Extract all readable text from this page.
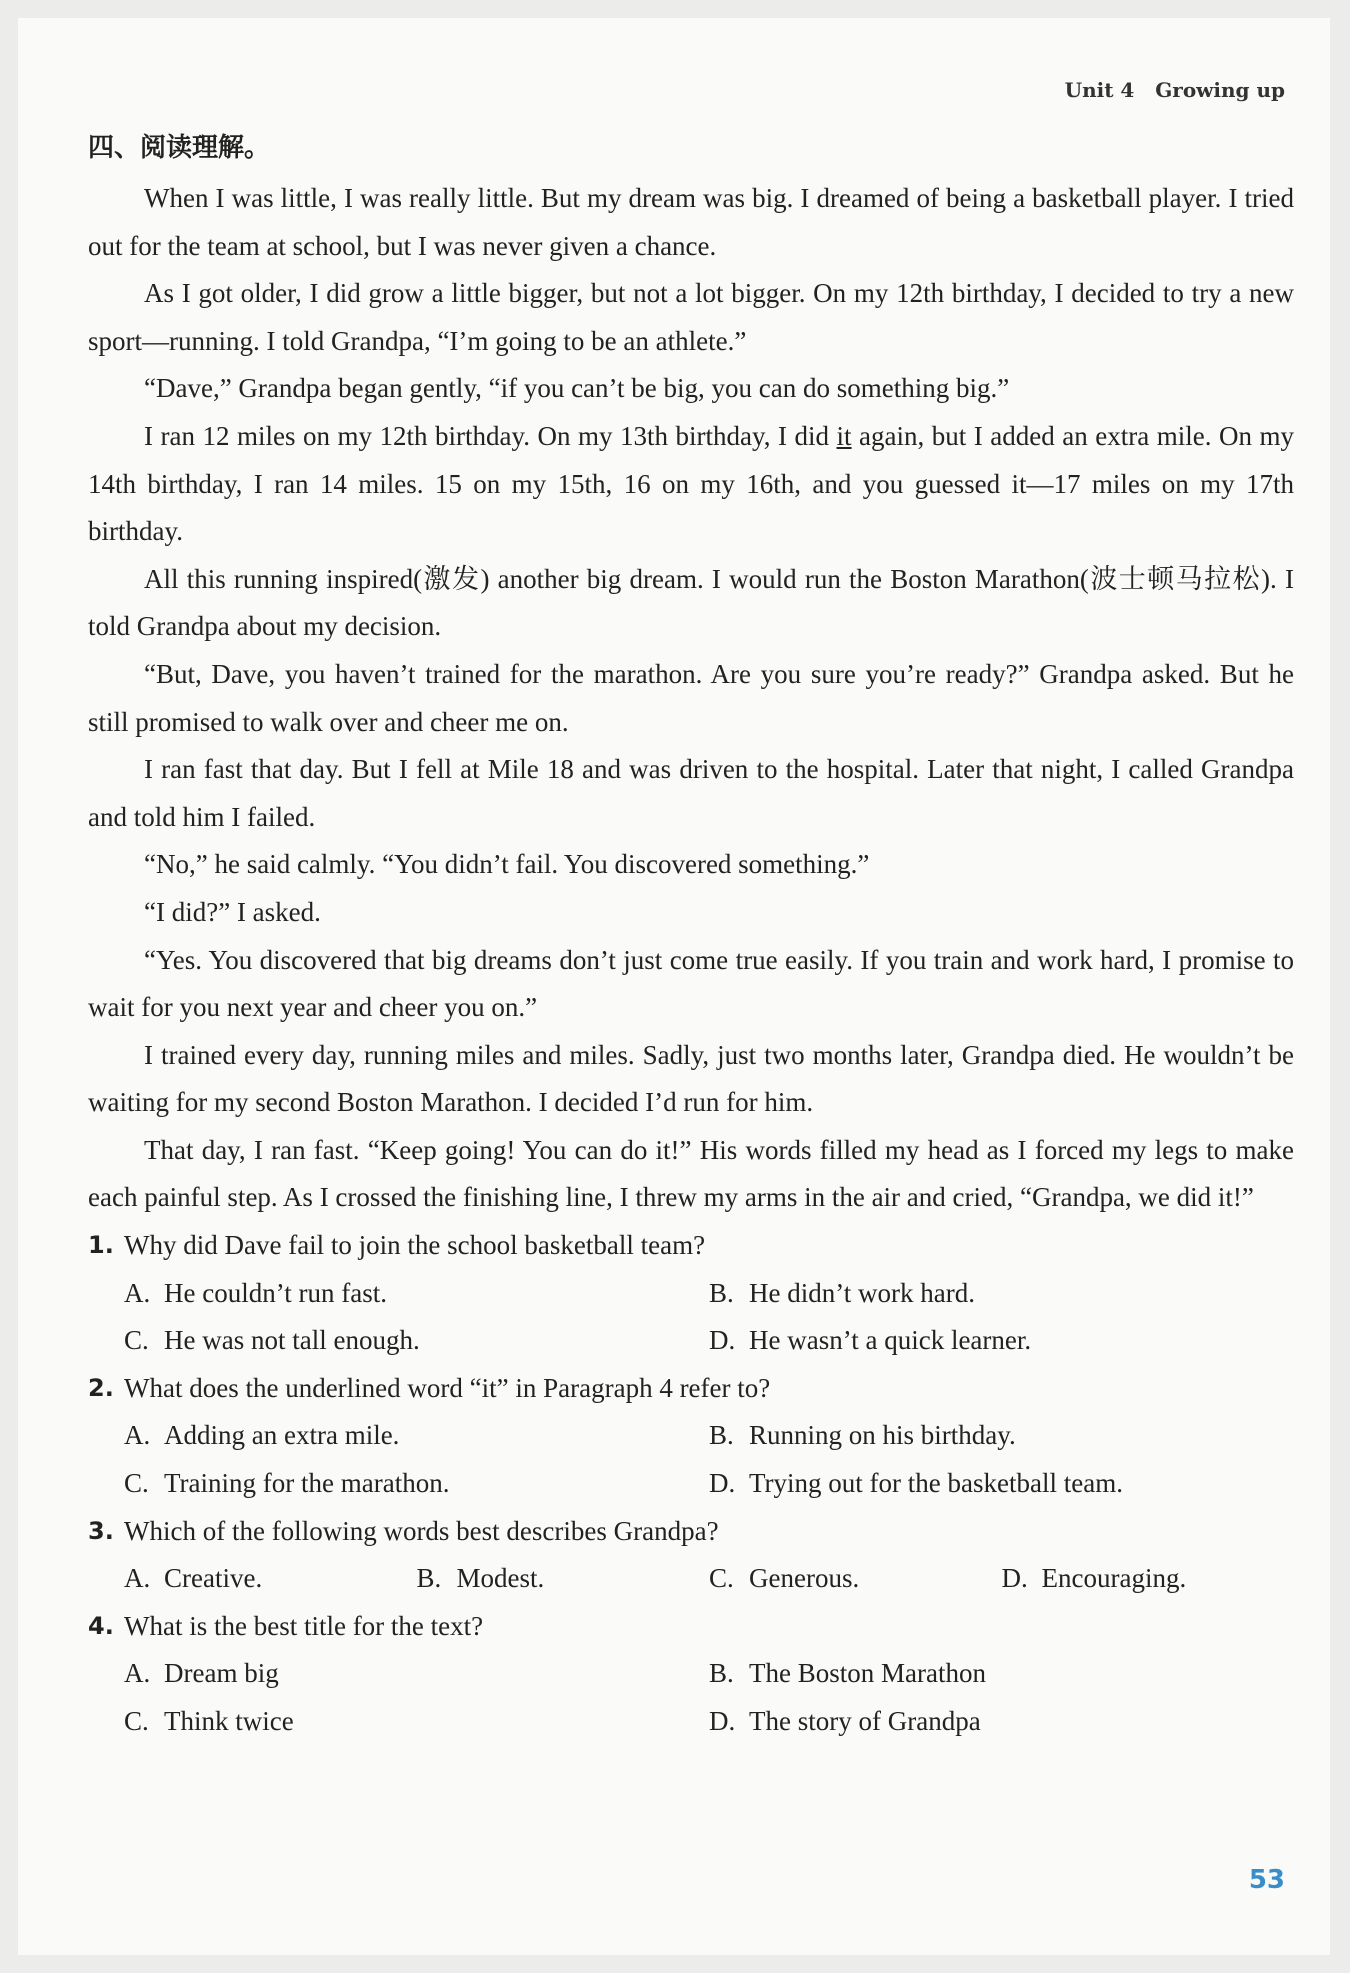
Unit 4   Growing up
四、阅读理解。

When I was little, I was really little. But my dream was big. I dreamed of being a basketball player. I tried out for the team at school, but I was never given a chance.

As I got older, I did grow a little bigger, but not a lot bigger. On my 12th birthday, I decided to try a new sport—running. I told Grandpa, “I’m going to be an athlete.”

“Dave,” Grandpa began gently, “if you can’t be big, you can do something big.”

I ran 12 miles on my 12th birthday. On my 13th birthday, I did it again, but I added an extra mile. On my 14th birthday, I ran 14 miles. 15 on my 15th, 16 on my 16th, and you guessed it—17 miles on my 17th birthday.

All this running inspired(激发) another big dream. I would run the Boston Marathon(波士顿马拉松). I told Grandpa about my decision.

“But, Dave, you haven’t trained for the marathon. Are you sure you’re ready?” Grandpa asked. But he still promised to walk over and cheer me on.

I ran fast that day. But I fell at Mile 18 and was driven to the hospital. Later that night, I called Grandpa and told him I failed.

“No,” he said calmly. “You didn’t fail. You discovered something.”

“I did?” I asked.

“Yes. You discovered that big dreams don’t just come true easily. If you train and work hard, I promise to wait for you next year and cheer you on.”

I trained every day, running miles and miles. Sadly, just two months later, Grandpa died. He wouldn’t be waiting for my second Boston Marathon. I decided I’d run for him.

That day, I ran fast. “Keep going! You can do it!” His words filled my head as I forced my legs to make each painful step. As I crossed the finishing line, I threw my arms in the air and cried, “Grandpa, we did it!”

1. Why did Dave fail to join the school basketball team?
A. He couldn’t run fast.	B. He didn’t work hard.
C. He was not tall enough.	D. He wasn’t a quick learner.
2. What does the underlined word “it” in Paragraph 4 refer to?
A. Adding an extra mile.	B. Running on his birthday.
C. Training for the marathon.	D. Trying out for the basketball team.
3. Which of the following words best describes Grandpa?
A. Creative.	B. Modest.	C. Generous.	D. Encouraging.
4. What is the best title for the text?
A. Dream big	B. The Boston Marathon
C. Think twice	D. The story of Grandpa
53
